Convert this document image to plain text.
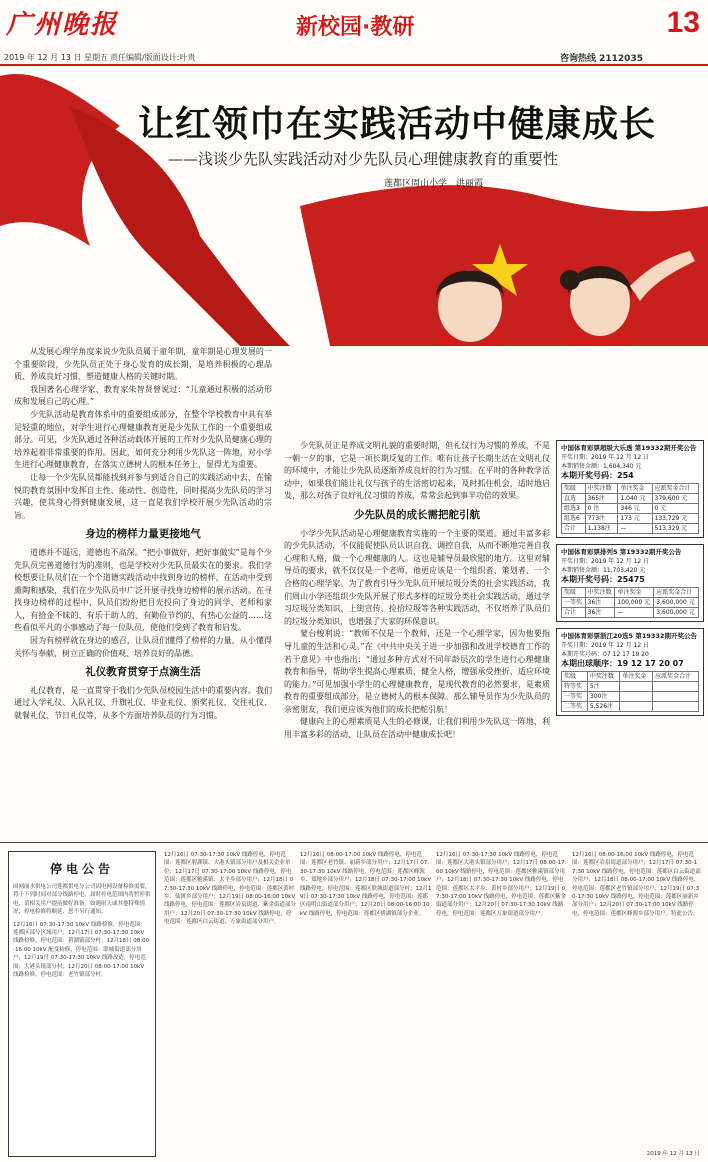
广州晚报	新校园·教研	13
2019 年 12 月 13 日 星期五 责任编辑/版面设计:叶贵	咨询热线 2112035
让红领巾在实践活动中健康成长
——浅谈少先队实践活动对少先队员心理健康教育的重要性
莲都区周山小学　洪丽霞

从发展心理学角度来说少先队员属于童年期，童年期是心理发展的一个重要阶段，少先队员正处于身心发育的成长期，是培养积极的心理品质、养成良好习惯、塑造健康人格的关键时期。

我国著名心理学家、教育家朱智贤曾说过：“儿童通过积极的活动形成和发展自己的心理。”

少先队活动是教育体系中的重要组成部分，在整个学校教育中具有举足轻重的地位，对学生进行心理健康教育更是少先队工作的一个重要组成部分。可见，少先队通过各种活动载体开展的工作对少先队员健康心理的培养起着非常重要的作用。因此，如何充分利用少先队这一阵地，对小学生进行心理健康教育，在落实立德树人的根本任务上，显得尤为重要。

让每一个少先队员都能找到并参与到适合自己的实践活动中去，在愉悦的教育氛围中发挥自主性、能动性、创造性，同时提高少先队员的学习兴趣，使其身心得到健康发展，这一直是我们学校开展少先队活动的宗旨。

身边的榜样力量更接地气

道德并不遥远，道德也不高深。“把小事做好，把好事做实”是每个少先队员完善道德行为的准则，也是学校对少先队员最实在的要求。我们学校想要让队员们在一个个道德实践活动中找到身边的榜样，在活动中受到熏陶和感染，我们在少先队员中广泛开展寻找身边榜样的展示活动。在寻找身边榜样的过程中，队员们纷纷把目光投向了身边的同学、老师和家人，有拾金不昧的、有乐于助人的、有勤俭节约的、有热心公益的……这些看似平凡的小事感动了每一位队员，使他们受到了教育和启发。

因为有榜样就在身边的感召，让队员们懂得了榜样的力量，从小懂得关怀与奉献，树立正确的价值观、培养良好的品德。

礼仪教育贯穿于点滴生活

礼仪教育，是一直贯穿于我们少先队员校园生活中的重要内容。我们通过入学礼仪、入队礼仪、升旗礼仪、毕业礼仪、颁奖礼仪、交往礼仪、就餐礼仪、节日礼仪等，从多个方面培养队员的行为习惯。

少先队员正是养成文明礼貌的重要时期，但礼仪行为习惯的养成，不是一朝一夕的事，它是一项长期反复的工作。唯有让孩子长期生活在文明礼仪的环境中，才能让少先队员逐渐养成良好的行为习惯。在平时的各种教学活动中，如果我们能让礼仪与孩子的生活密切起来，及时抓住机会，适时地启发，那么对孩子良好礼仪习惯的养成，常常会起到事半功倍的效果。

少先队员的成长需把舵引航

小学少先队活动是心理健康教育实施的一个主要的渠道。通过丰富多彩的少先队活动，不仅能促使队员认识自我、调控自我，从而不断地完善自我心理和人格，做一个心理健康的人。这也是辅导员最欣慰的地方。这里对辅导员的要求，就不仅仅是一个老师，他更应该是一个组织者、策划者、一个合格的心理学家。为了教育引导少先队员开展垃圾分类的社会实践活动，我们周山小学还组织少先队开展了形式多样的垃圾分类社会实践活动，通过学习垃圾分类知识、上街宣传、捡拾垃圾等各种实践活动，不仅培养了队员们的垃圾分类知识，也增强了大家的环保意识。

蒙台梭利说：“教师不仅是一个教师，还是一个心理学家，因为他要指导儿童的生活和心灵。”在《中共中央关于进一步加强和改进学校德育工作的若干意见》中也指出：“通过多种方式对不同年龄层次的学生进行心理健康教育和指导，帮助学生提高心理素质，健全人格，增强承受挫折、适应环境的能力。”可见加强小学生的心理健康教育，是现代教育的必然要求，是素质教育的重要组成部分，是立德树人的根本保障。那么辅导员作为少先队员的亲密朋友，我们更应该为他们的成长把舵引航！

健康向上的心理素质是人生的必修课，让我们利用少先队这一阵地，利用丰富多彩的活动，让队员在活动中健康成长吧！

中国体育彩票超级大乐透 第19332期开奖公告
开奖日期：2019 年 12 月 12 日
本期销售金额：1,604,340 元
本期开奖号码：254
奖级	中奖注数	单注奖金	应派奖金合计
直选	365注	1,040 元	379,600 元
组选3	0 注	346 元	0 元
组选6	773注	173 元	133,729 元
合计	1,138注	—	513,329 元
中国体育彩票排列5 第19332期开奖公告
开奖日期：2019 年 12 月 12 日
本期销售金额：11,703,420 元
本期开奖号码：25475
奖级	中奖注数	单注奖金	应派奖金合计
一等奖	36注	100,000 元	3,600,000 元
合计	36注	—	3,600,000 元
中国体育彩票浙江20选5 第19332期开奖公告
开奖日期：2019 年 12 月 12 日
本期开奖号码：07 12 17 19 20
本期出球顺序：19 12 17 20 07
奖级	中奖注数	单注奖金	应派奖金合计
特等奖	5注		
一等奖	300注		
二等奖	5,526注		
停电公告
国网丽水供电公司莲都供电分公司因电网设备检修需要，将于下列时间对部分线路停电，届时停电范围内将暂停供电，请相关用户提前做好准备。如遇雨天或其他特殊情况，停电检修将顺延，恕不另行通知。
12月16日 07:30-17:30 10kV 线路检修，停电范围：莲都区部分区域用户；12月17日 07:30-17:30 10kV 线路检修，停电范围：碧湖镇部分村；12月18日 08:00-16:00 10kV 配变检修，停电范围：联城街道部分用户；12月19日 07:30-17:30 10kV 线路改造，停电范围：大港头镇部分村；12月20日 08:00-17:00 10kV 线路检修，停电范围：老竹镇部分村。
12月16日 07:30-17:30 10kV 线路停电，停电范围：莲都区碧湖镇、大港头镇部分用户及相关企业单位；12月17日 07:30-17:00 10kV 线路停电，停电范围：莲都区雅溪镇、太平乡部分用户；12月18日 07:30-17:30 10kV 线路停电，停电范围：莲都区黄村乡、仙渡乡部分用户；12月19日 08:00-16:00 10kV 线路停电，停电范围：莲都区岩泉街道、紫金街道部分用户；12月20日 07:30-17:30 10kV 线路停电，停电范围：莲都区白云街道、万象街道部分用户。
12月16日 08:00-17:00 10kV 线路停电，停电范围：莲都区老竹镇、丽新乡部分用户；12月17日 07:30-17:30 10kV 线路停电，停电范围：莲都区峰源乡、郑地乡部分用户；12月18日 07:30-17:00 10kV 线路停电，停电范围：莲都区联城街道部分村；12月19日 07:30-17:30 10kV 线路停电，停电范围：莲都区南明山街道部分用户；12月20日 08:00-16:00 10kV 线路停电，停电范围：莲都区碧湖镇部分企业。
12月16日 07:30-17:30 10kV 线路停电，停电范围：莲都区大港头镇部分用户；12月17日 08:00-17:00 10kV 线路停电，停电范围：莲都区雅溪镇部分用户；12月18日 07:30-17:30 10kV 线路停电，停电范围：莲都区太平乡、黄村乡部分用户；12月19日 07:30-17:00 10kV 线路停电，停电范围：莲都区紫金街道部分用户；12月20日 07:30-17:30 10kV 线路停电，停电范围：莲都区万象街道部分用户。
12月16日 08:00-16:00 10kV 线路停电，停电范围：莲都区岩泉街道部分用户；12月17日 07:30-17:30 10kV 线路停电，停电范围：莲都区白云街道部分用户；12月18日 08:00-17:00 10kV 线路停电，停电范围：莲都区老竹镇部分用户；12月19日 07:30-17:30 10kV 线路停电，停电范围：莲都区丽新乡部分用户；12月20日 07:30-17:00 10kV 线路停电，停电范围：莲都区峰源乡部分用户。特此公告。
2019 年 12 月 13 日
